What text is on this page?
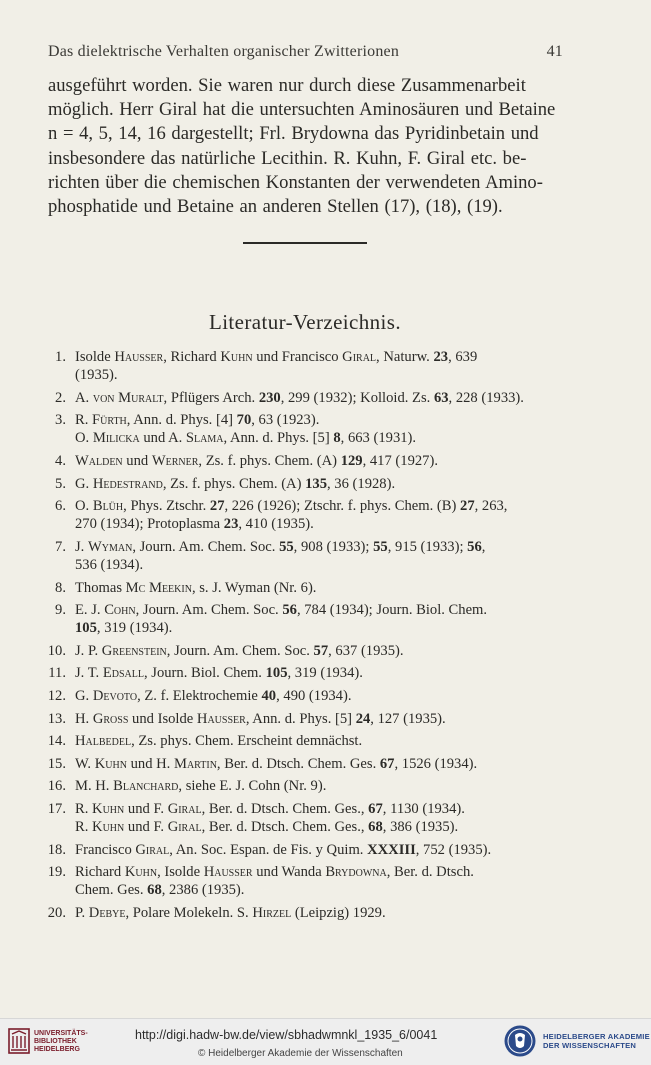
Das dielektrische Verhalten organischer Zwitterionen	41

ausgeführt worden. Sie waren nur durch diese Zusammenarbeit
möglich. Herr Giral hat die untersuchten Aminosäuren und Betaine
n = 4, 5, 14, 16 dargestellt; Frl. Brydowna das Pyridinbetain und
insbesondere das natürliche Lecithin. R. Kuhn, F. Giral etc. be-
richten über die chemischen Konstanten der verwendeten Amino-
phosphatide und Betaine an anderen Stellen (17), (18), (19).

Literatur-Verzeichnis.
1. Isolde Hausser, Richard Kuhn und Francisco Giral, Naturw. 23, 639
(1935).
2. A. von Muralt, Pflügers Arch. 230, 299 (1932); Kolloid. Zs. 63, 228 (1933).
3. R. Fürth, Ann. d. Phys. [4] 70, 63 (1923).
O. Milicka und A. Slama, Ann. d. Phys. [5] 8, 663 (1931).
4. Walden und Werner, Zs. f. phys. Chem. (A) 129, 417 (1927).
5. G. Hedestrand, Zs. f. phys. Chem. (A) 135, 36 (1928).
6. O. Blüh, Phys. Ztschr. 27, 226 (1926); Ztschr. f. phys. Chem. (B) 27, 263,
270 (1934); Protoplasma 23, 410 (1935).
7. J. Wyman, Journ. Am. Chem. Soc. 55, 908 (1933); 55, 915 (1933); 56,
536 (1934).
8. Thomas Mc Meekin, s. J. Wyman (Nr. 6).
9. E. J. Cohn, Journ. Am. Chem. Soc. 56, 784 (1934); Journ. Biol. Chem.
105, 319 (1934).
10. J. P. Greenstein, Journ. Am. Chem. Soc. 57, 637 (1935).
11. J. T. Edsall, Journ. Biol. Chem. 105, 319 (1934).
12. G. Devoto, Z. f. Elektrochemie 40, 490 (1934).
13. H. Gross und Isolde Hausser, Ann. d. Phys. [5] 24, 127 (1935).
14. Halbedel, Zs. phys. Chem. Erscheint demnächst.
15. W. Kuhn und H. Martin, Ber. d. Dtsch. Chem. Ges. 67, 1526 (1934).
16. M. H. Blanchard, siehe E. J. Cohn (Nr. 9).
17. R. Kuhn und F. Giral, Ber. d. Dtsch. Chem. Ges., 67, 1130 (1934).
R. Kuhn und F. Giral, Ber. d. Dtsch. Chem. Ges., 68, 386 (1935).
18. Francisco Giral, An. Soc. Espan. de Fis. y Quim. XXXIII, 752 (1935).
19. Richard Kuhn, Isolde Hausser und Wanda Brydowna, Ber. d. Dtsch.
Chem. Ges. 68, 2386 (1935).
20. P. Debye, Polare Molekeln. S. Hirzel (Leipzig) 1929.
UNIVERSITÄTS-
BIBLIOTHEK
HEIDELBERG
http://digi.hadw-bw.de/view/sbhadwmnkl_1935_6/0041
© Heidelberger Akademie der Wissenschaften
HEIDELBERGER AKADEMIE
DER WISSENSCHAFTEN
